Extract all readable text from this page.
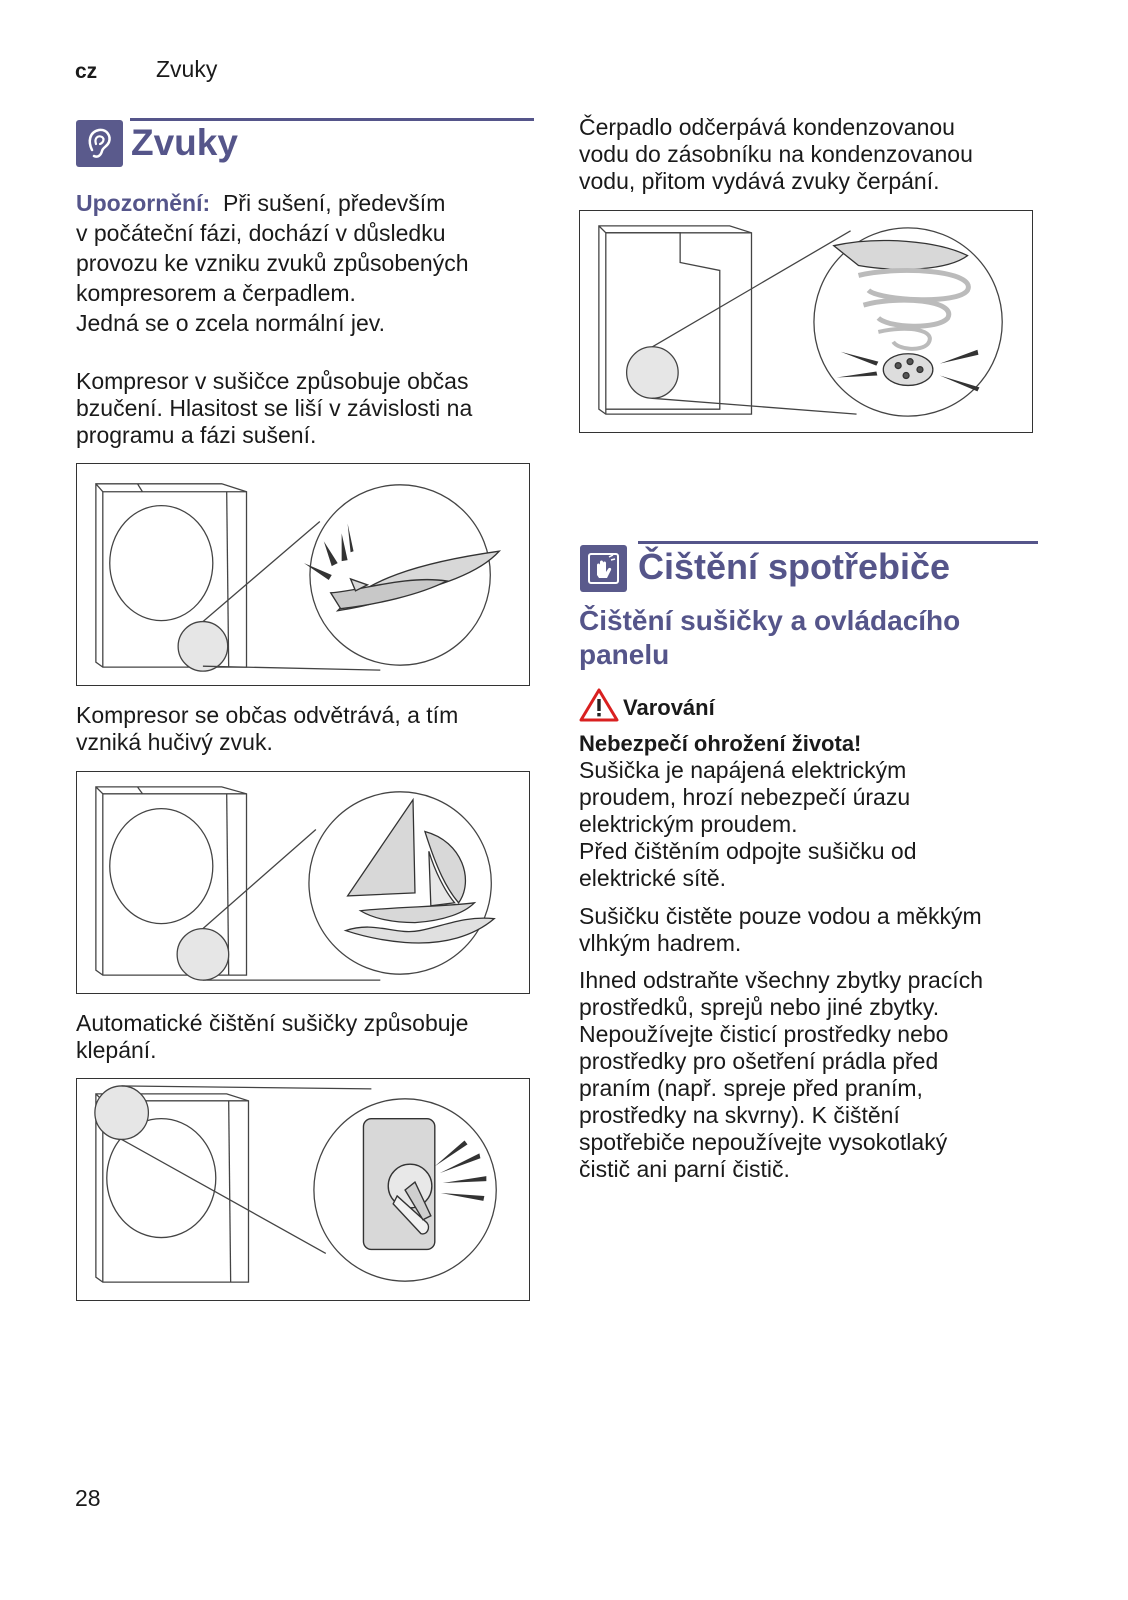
cz	Zvuky
Zvuky
Upozornění: Při sušení, především
v počáteční fázi, dochází v důsledku
provozu ke vzniku zvuků způsobených
kompresorem a čerpadlem.
Jedná se o zcela normální jev.
Kompresor v sušičce způsobuje občas
bzučení. Hlasitost se liší v závislosti na
programu a fázi sušení.
Kompresor se občas odvětrává, a tím
vzniká hučivý zvuk.
Automatické čištění sušičky způsobuje
klepání.
Čerpadlo odčerpává kondenzovanou
vodu do zásobníku na kondenzovanou
vodu, přitom vydává zvuky čerpání.
Čištění spotřebiče
Čištění sušičky a ovládacího
panelu
Varování
Nebezpečí ohrožení života!
Sušička je napájená elektrickým
proudem, hrozí nebezpečí úrazu
elektrickým proudem.
Před čištěním odpojte sušičku od
elektrické sítě.
Sušičku čistěte pouze vodou a měkkým
vlhkým hadrem.
Ihned odstraňte všechny zbytky pracích
prostředků, sprejů nebo jiné zbytky.
Nepoužívejte čisticí prostředky nebo
prostředky pro ošetření prádla před
praním (např. spreje před praním,
prostředky na skvrny). K čištění
spotřebiče nepoužívejte vysokotlaký
čistič ani parní čistič.
28
